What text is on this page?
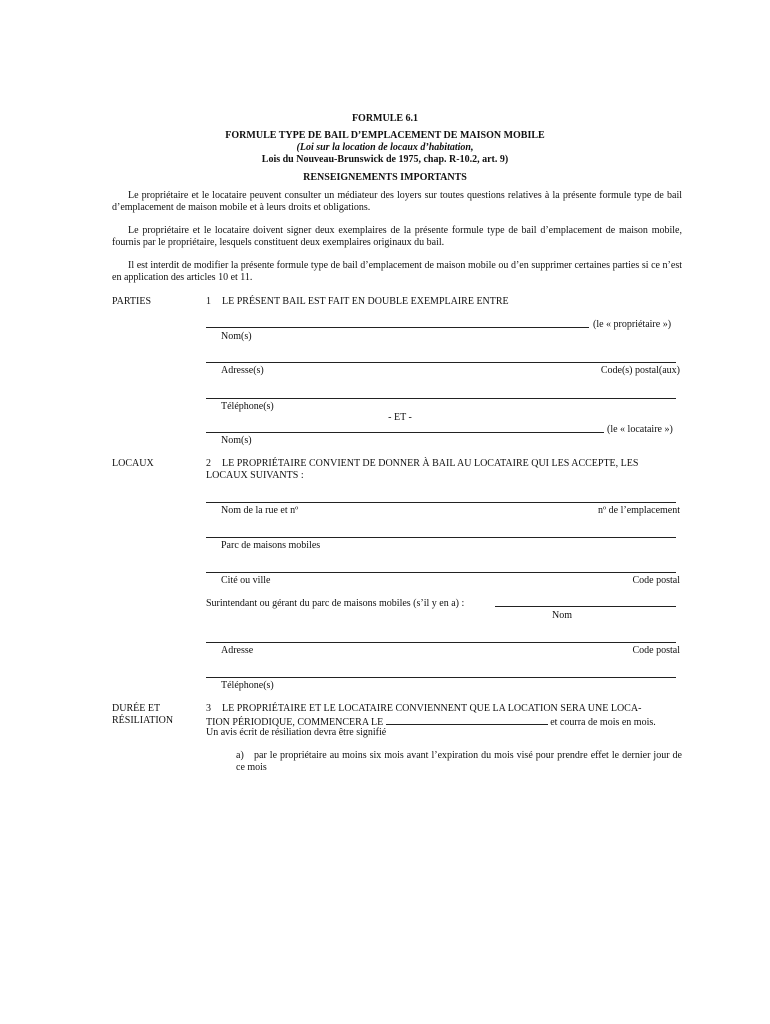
FORMULE 6.1
FORMULE TYPE DE BAIL D’EMPLACEMENT DE MAISON MOBILE
(Loi sur la location de locaux d’habitation,
Lois du Nouveau-Brunswick de 1975, chap. R-10.2, art. 9)
RENSEIGNEMENTS IMPORTANTS
Le propriétaire et le locataire peuvent consulter un médiateur des loyers sur toutes questions relatives à la présente formule type de bail d’emplacement de maison mobile et à leurs droits et obligations.
Le propriétaire et le locataire doivent signer deux exemplaires de la présente formule type de bail d’emplacement de maison mobile, fournis par le propriétaire, lesquels constituent deux exemplaires originaux du bail.
Il est interdit de modifier la présente formule type de bail d’emplacement de maison mobile ou d’en supprimer certaines parties si ce n’est en application des articles 10 et 11.
PARTIES	1 LE PRÉSENT BAIL EST FAIT EN DOUBLE EXEMPLAIRE ENTRE
(le « propriétaire »)
Nom(s)
Adresse(s)	Code(s) postal(aux)
Téléphone(s)
- ET -
(le « locataire »)
Nom(s)
LOCAUX	2	LE PROPRIÉTAIRE CONVIENT DE DONNER À BAIL AU LOCATAIRE QUI LES ACCEPTE, LES LOCAUX SUIVANTS :
Nom de la rue et nº	nº de l’emplacement
Parc de maisons mobiles
Cité ou ville	Code postal
Surintendant ou gérant du parc de maisons mobiles (s’il y en a) :
Nom
Adresse	Code postal
Téléphone(s)
DURÉE ET
RÉSILIATION
3 LE PROPRIÉTAIRE ET LE LOCATAIRE CONVIENNENT QUE LA LOCATION SERA UNE LOCA-
TION PÉRIODIQUE, COMMENCERA LE	et courra de mois en mois.
Un avis écrit de résiliation devra être signifié
a)	par le propriétaire au moins six mois avant l’expiration du mois visé pour prendre effet le dernier jour de ce mois
